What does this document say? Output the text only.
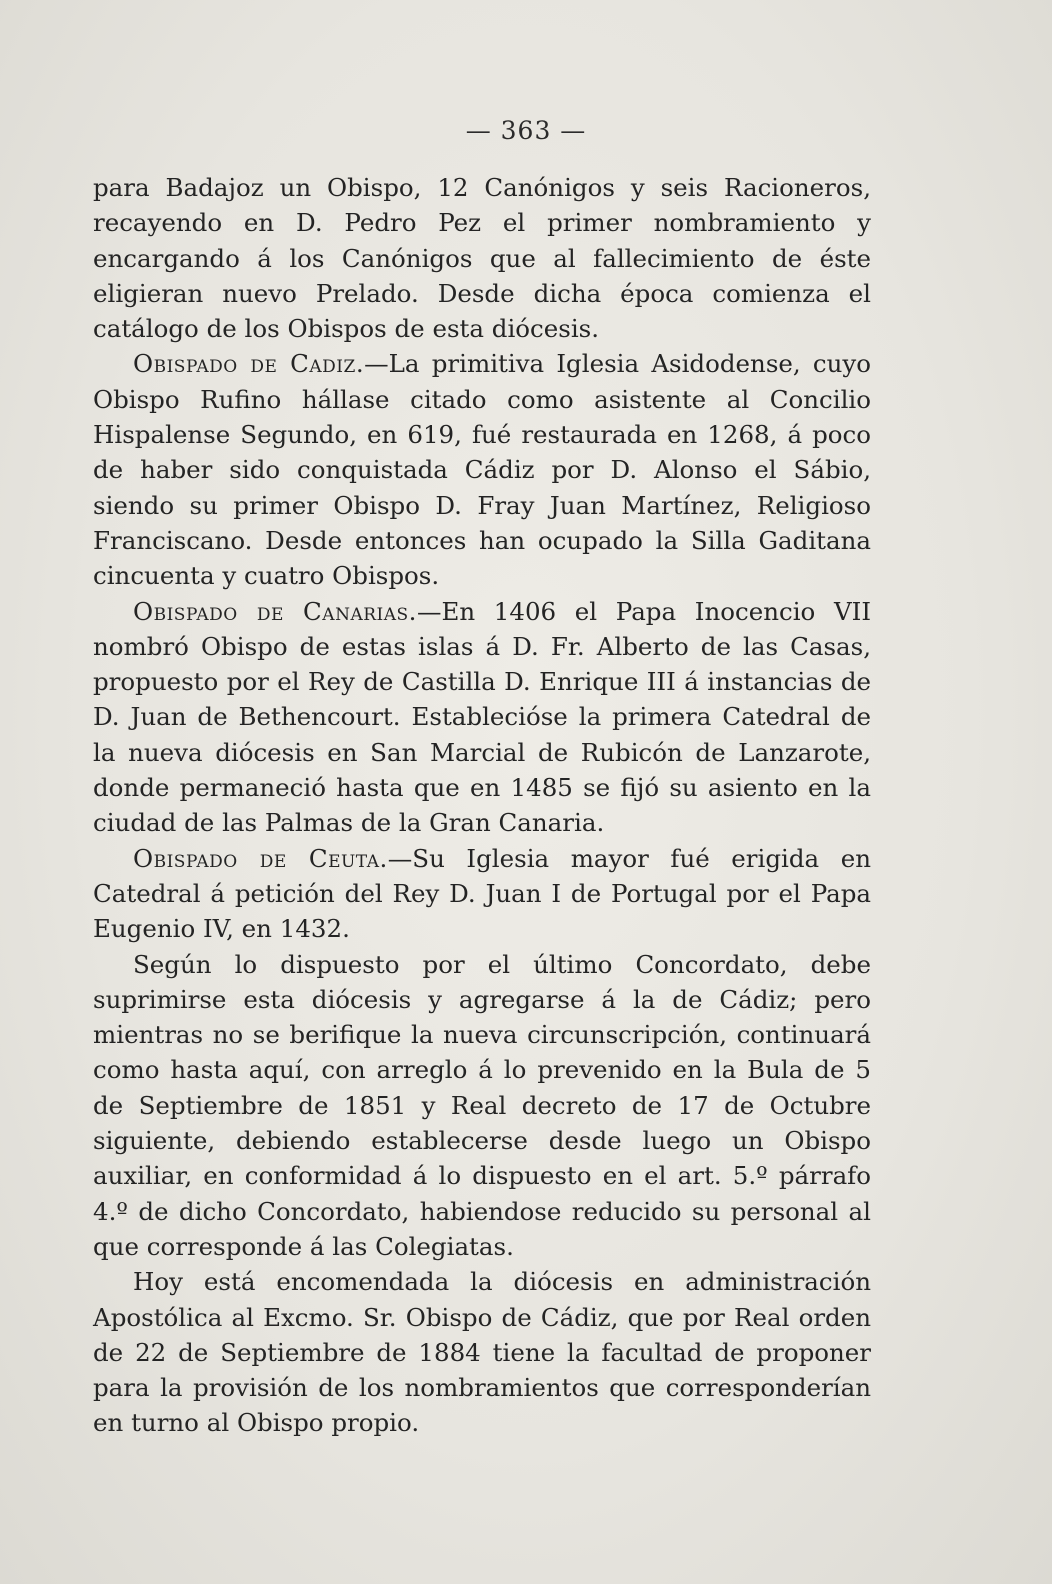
— 363 —

para Badajoz un Obispo, 12 Canónigos y seis Racioneros, recayendo en D. Pedro Pez el primer nombramiento y encargando á los Canónigos que al fallecimiento de éste eligieran nuevo Prelado. Desde dicha época comienza el catálogo de los Obispos de esta diócesis.

Obispado de Cadiz.—La primitiva Iglesia Asidodense, cuyo Obispo Rufino hállase citado como asistente al Concilio Hispalense Segundo, en 619, fué restaurada en 1268, á poco de haber sido conquistada Cádiz por D. Alonso el Sábio, siendo su primer Obispo D. Fray Juan Martínez, Religioso Franciscano. Desde entonces han ocupado la Silla Gaditana cincuenta y cuatro Obispos.

Obispado de Canarias.—En 1406 el Papa Inocencio VII nombró Obispo de estas islas á D. Fr. Alberto de las Casas, propuesto por el Rey de Castilla D. Enrique III á instancias de D. Juan de Bethencourt. Establecióse la primera Catedral de la nueva diócesis en San Marcial de Rubicón de Lanzarote, donde permaneció hasta que en 1485 se fijó su asiento en la ciudad de las Palmas de la Gran Canaria.

Obispado de Ceuta.—Su Iglesia mayor fué erigida en Catedral á petición del Rey D. Juan I de Portugal por el Papa Eugenio IV, en 1432.

Según lo dispuesto por el último Concordato, debe suprimirse esta diócesis y agregarse á la de Cádiz; pero mientras no se berifique la nueva circunscripción, continuará como hasta aquí, con arreglo á lo prevenido en la Bula de 5 de Septiembre de 1851 y Real decreto de 17 de Octubre siguiente, debiendo establecerse desde luego un Obispo auxiliar, en conformidad á lo dispuesto en el art. 5.º párrafo 4.º de dicho Concordato, habiendose reducido su personal al que corresponde á las Colegiatas.

Hoy está encomendada la diócesis en administración Apostólica al Excmo. Sr. Obispo de Cádiz, que por Real orden de 22 de Septiembre de 1884 tiene la facultad de proponer para la provisión de los nombramientos que corresponderían en turno al Obispo propio.
